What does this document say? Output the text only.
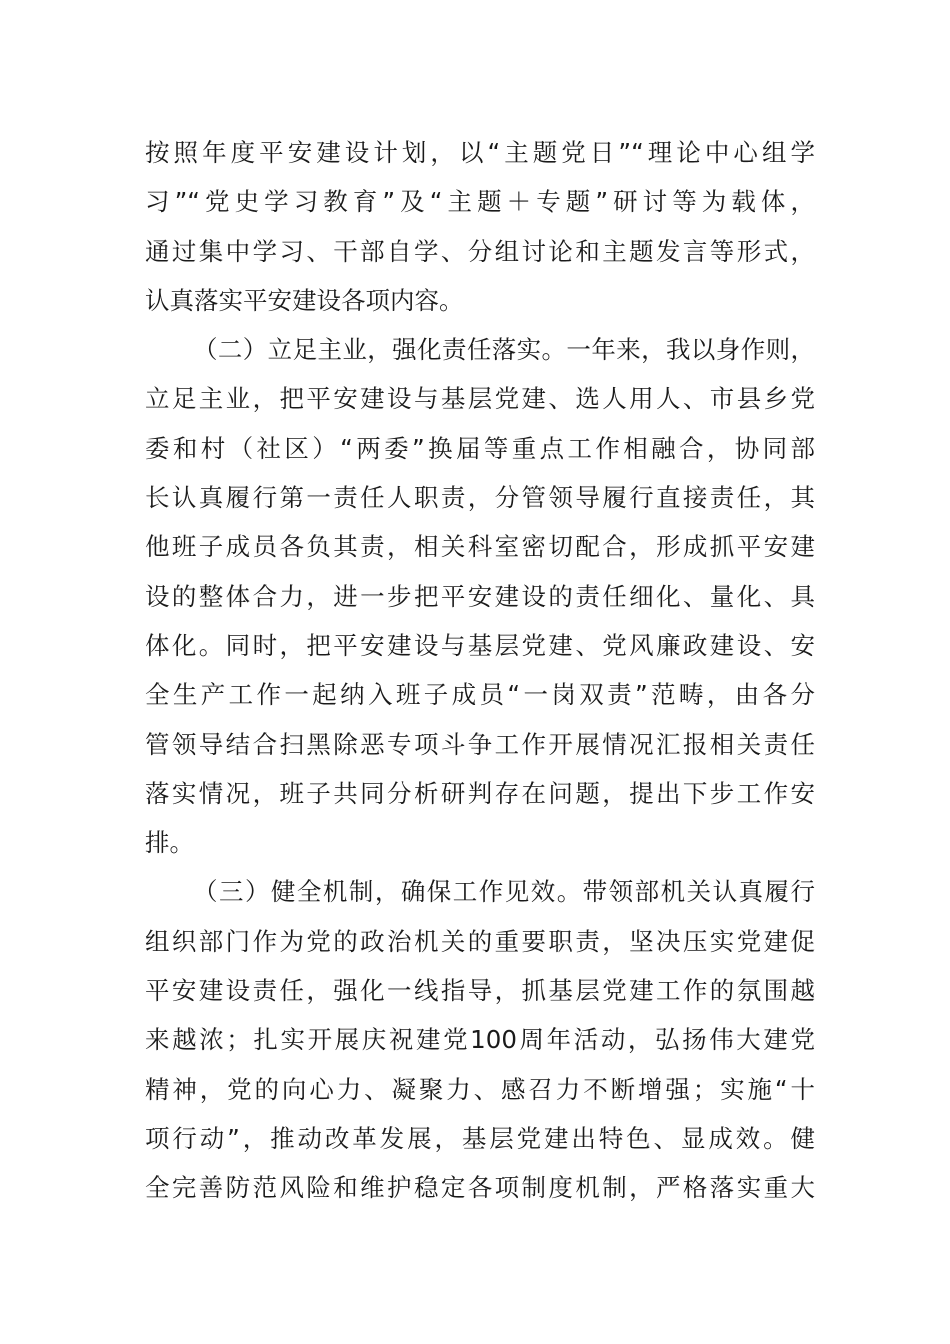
按照年度平安建设计划，以“主题党日”“理论中心组学
习”“党史学习教育”及“主题＋专题”研讨等为载体，
通过集中学习、干部自学、分组讨论和主题发言等形式，
认真落实平安建设各项内容。
（二）立足主业，强化责任落实。一年来，我以身作则，
立足主业，把平安建设与基层党建、选人用人、市县乡党
委和村（社区）“两委”换届等重点工作相融合，协同部
长认真履行第一责任人职责，分管领导履行直接责任，其
他班子成员各负其责，相关科室密切配合，形成抓平安建
设的整体合力，进一步把平安建设的责任细化、量化、具
体化。同时，把平安建设与基层党建、党风廉政建设、安
全生产工作一起纳入班子成员“一岗双责”范畴，由各分
管领导结合扫黑除恶专项斗争工作开展情况汇报相关责任
落实情况，班子共同分析研判存在问题，提出下步工作安
排。
（三）健全机制，确保工作见效。带领部机关认真履行
组织部门作为党的政治机关的重要职责，坚决压实党建促
平安建设责任，强化一线指导，抓基层党建工作的氛围越
来越浓；扎实开展庆祝建党100周年活动，弘扬伟大建党
精神，党的向心力、凝聚力、感召力不断增强；实施“十
项行动”，推动改革发展，基层党建出特色、显成效。健
全完善防范风险和维护稳定各项制度机制，严格落实重大
